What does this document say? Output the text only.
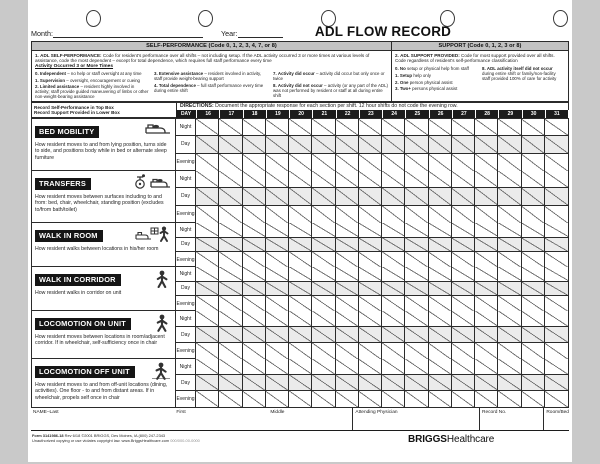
Month:	Year:	ADL FLOW RECORD
SELF-PERFORMANCE (Code 0, 1, 2, 3, 4, 7, or 8)
1. ADL SELF-PERFORMANCE: Code for resident's performance over all shifts – not including setup. If the ADL activity occurred 3 or more times at various levels of assistance, code the most dependent – except for total dependence, which requires full staff performance every time
Activity Occurred 3 or More Times
0. Independent – no help or staff oversight at any time
1. Supervision – oversight, encouragement or cueing
2. Limited assistance – resident highly involved in activity; staff provide guided maneuvering of limbs or other non-weight-bearing assistance
3. Extensive assistance – resident involved in activity, staff provide weight-bearing support
4. Total dependence – full staff performance every time during entire shift
7. Activity did occur – activity did occur but only once or twice
8. Activity did not occur – activity (or any part of the ADL) was not performed by resident or staff at all during entire shift
SUPPORT (Code 0, 1, 2, 3 or 8)
2. ADL SUPPORT PROVIDED: Code for most support provided over all shifts. Code regardless of resident's self-performance classification
0. No setup or physical help from staff
1. Setup help only
2. One person physical assist
3. Two+ persons physical assist
8. ADL activity itself did not occur during entire shift or family/non-facility staff provided 100% of care for activity
Record Self-Performance in Top Box
Record Support Provided in Lower Box
DIRECTIONS: Document the appropriate response for each section per shift. 12 hour shifts do not code the evening row.
DAY	16	17	18	19	20	21	22	23	24	25	26	27	28	29	30	31
BED MOBILITY
How resident moves to and from lying position, turns side to side, and positions body while in bed or alternate sleep furniture
Night
Day
Evening
TRANSFERS
How resident moves between surfaces including to and from: bed, chair, wheelchair, standing position (excludes to/from bath/toilet)
Night
Day
Evening
WALK IN ROOM
How resident walks between locations in his/her room
Night
Day
Evening
WALK IN CORRIDOR
How resident walks in corridor on unit
Night
Day
Evening
LOCOMOTION ON UNIT
How resident moves between locations in room/adjacent corridor. If in wheelchair, self-sufficiency once in chair
Night
Day
Evening
LOCOMOTION OFF UNIT
How resident moves to and from off-unit locations (dining, activities). One floor - to and from distant areas. If in wheelchair, propels self once in chair
Night
Day
Evening
NAME–Last	First	Middle	Attending Physician	Record No.	Room/Bed
Form 3141986-18 Rev 6/18 ©2001 BRIGGS, Des Moines, IA (800) 247-2343
Unauthorized copying or use violates copyright law. www.BriggsHealthcare.com 000/000-00-0000	BRIGGSHealthcare
